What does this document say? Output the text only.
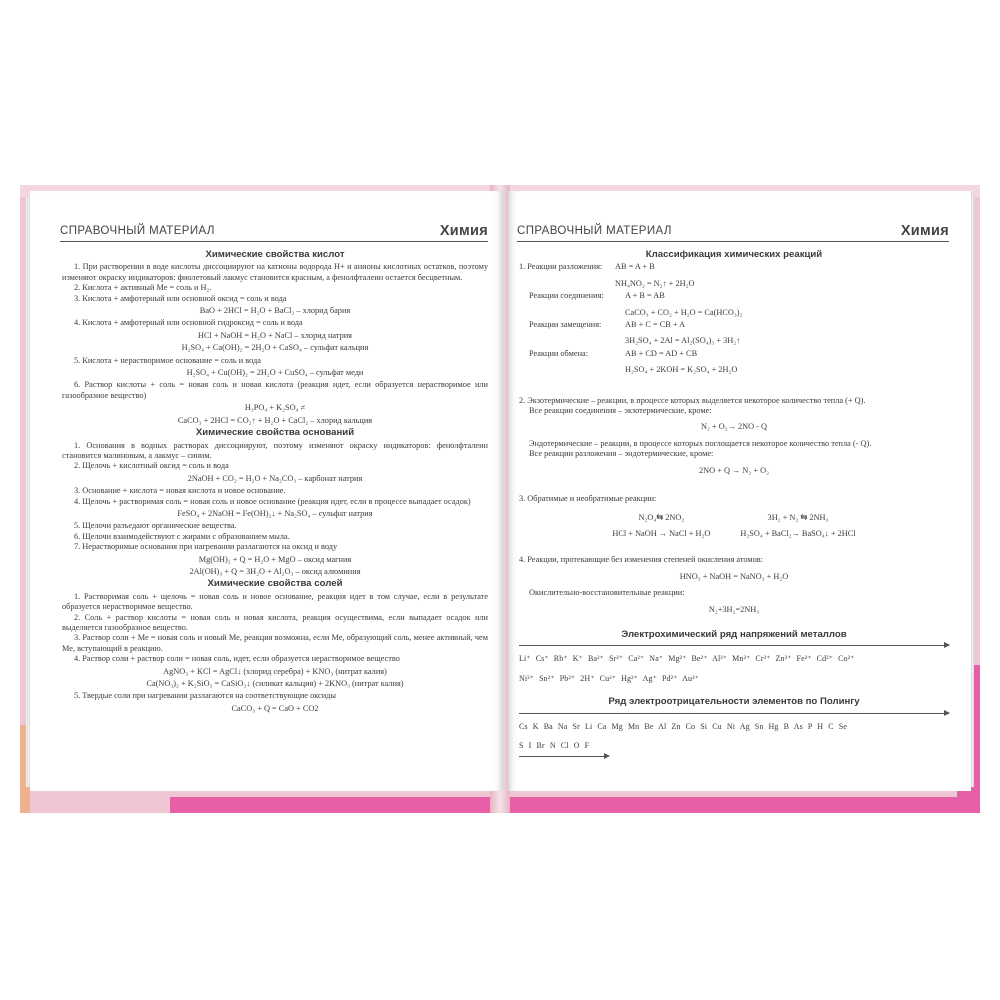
СПРАВОЧНЫЙ МАТЕРИАЛ	Химия
Химические свойства кислот
1. При растворении в воде кислоты диссоциируют на катионы водорода H+ и анионы кислотных остатков, поэтому изменяют окраску индикаторов: фиолетовый лакмус становится красным, а фенолфталеин остается бесцветным.
2. Кислота + активный Ме = соль и H₂.
3. Кислота + амфотерный или основной оксид = соль и вода
BaO + 2HCl = H₂O + BaCl₂ – хлорид бария
4. Кислота + амфотерный или основной гидроксид = соль и вода
HCl + NaOH = H₂O + NaCl – хлорид натрия
H₂SO₄ + Ca(OH)₂ = 2H₂O + CaSO₄ – сульфат кальция
5. Кислота + нерастворимое основание = соль и вода
H₂SO₄ + Cu(OH)₂ = 2H₂O + CuSO₄ – сульфат меди
6. Раствор кислоты + соль = новая соль и новая кислота (реакция идет, если образуется нерастворимое или газообразное вещество)
H₃PO₄ + K₂SO₄ ≠
CaCO₃ + 2HCl = CO₂↑ + H₂O + CaCl₂ – хлорид кальция
Химические свойства оснований
1. Основания в водных растворах диссоциируют, поэтому изменяют окраску индикаторов: фенолфталеин становится малиновым, а лакмус – синим.
2. Щелочь + кислотный оксид = соль и вода
2NaOH + CO₂ = H₂O + Na₂CO₃ – карбонат натрия
3. Основание + кислота = новая кислота и новое основание.
4. Щелочь + растворимая соль = новая соль и новое основание (реакция идет, если в процессе выпадает осадок)
FeSO₄ + 2NaOH = Fe(OH)₂↓ + Na₂SO₄ – сульфат натрия
5. Щелочи разъедают органические вещества.
6. Щелочи взаимодействуют с жирами с образованием мыла.
7. Нерастворимые основания при нагревании разлагаются на оксид и воду
Mg(OH)₂ + Q = H₂O + MgO – оксид магния
2Al(OH)₃ + Q = 3H₂O + Al₂O₃ – оксид алюминия
Химические свойства солей
1. Растворимая соль + щелочь = новая соль и новое основание, реакция идет в том случае, если в результате образуется нерастворимое вещество.
2. Соль + раствор кислоты = новая соль и новая кислота, реакция осуществима, если выпадает осадок или выделяется газообразное вещество.
3. Раствор соли + Ме = новая соль и новый Ме, реакция возможна, если Ме, образующий соль, менее активный, чем Ме, вступающий в реакцию.
4. Раствор соли + раствор соли = новая соль, идет, если образуется нерастворимое вещество
AgNO₃ + KCl = AgCl↓ (хлорид серебра) + KNO₃ (нитрат калия)
Ca(NO₃)₂ + K₂SiO₃ = CaSiO₃↓ (силикат кальция) + 2KNO₃ (нитрат калия)
5. Твердые соли при нагревании разлагаются на соответствующие оксиды
CaCO₃ + Q = CaO + CO2
СПРАВОЧНЫЙ МАТЕРИАЛ	Химия
Классификация химических реакций
1. Реакции разложения:	AB = A + B
NH₄NO₂ = N₂↑ + 2H₂O
Реакции соединения:	A + B = AB
CaCO₃ + CO₂ + H₂O = Ca(HCO₃)₂
Реакции замещения:	AB + C = CB + A
3H₂SO₄ + 2Al = Al₂(SO₄)₃ + 3H₂↑
Реакции обмена:	AB + CD = AD + CB
H₂SO₄ + 2KOH = K₂SO₄ + 2H₂O
2. Экзотермические – реакции, в процессе которых выделяется некоторое количество тепла (+ Q).
Все реакции соединения – экзотермические, кроме:
N₂ + O₂→ 2NO - Q
Эндотермические – реакции, в процессе которых поглощается некоторое количество тепла (- Q).
Все реакции разложения – эндотермические, кроме:
2NO + Q → N₂ + O₂
3. Обратимые и необратимые реакции:
N₂O₄⇆ 2NO₂
HCl + NaOH → NaCl + H₂O
3H₂ + N₂ ⇆ 2NH₃
H₂SO₄ + BaCl₂→ BaSO₄↓ + 2HCl
4. Реакции, протекающие без изменения степеней окисления атомов:
HNO₃ + NaOH = NaNO₃ + H₂O
Окислительно-восстановительные реакции:
N₂+3H₂=2NH₃
Электрохимический ряд напряжений металлов
Li⁺ Cs⁺ Rb⁺ K⁺ Ba²⁺ Sr²⁺ Ca²⁺ Na⁺ Mg²⁺ Be²⁺ Al³⁺ Mn²⁺ Cr³⁺ Zn²⁺ Fe²⁺ Cd²⁺ Co²⁺
Ni²⁺ Sn²⁺ Pb²⁺ 2H⁺ Cu²⁺ Hg²⁺ Ag⁺ Pd²⁺ Au³⁺
Ряд электроотрицательности элементов по Полингу
Cs K Ba Na Sr Li Ca Mg Mn Be Al Zn Co Si Cu Ni Ag Sn Hg B As P H C Se
S I Br N Cl O F
